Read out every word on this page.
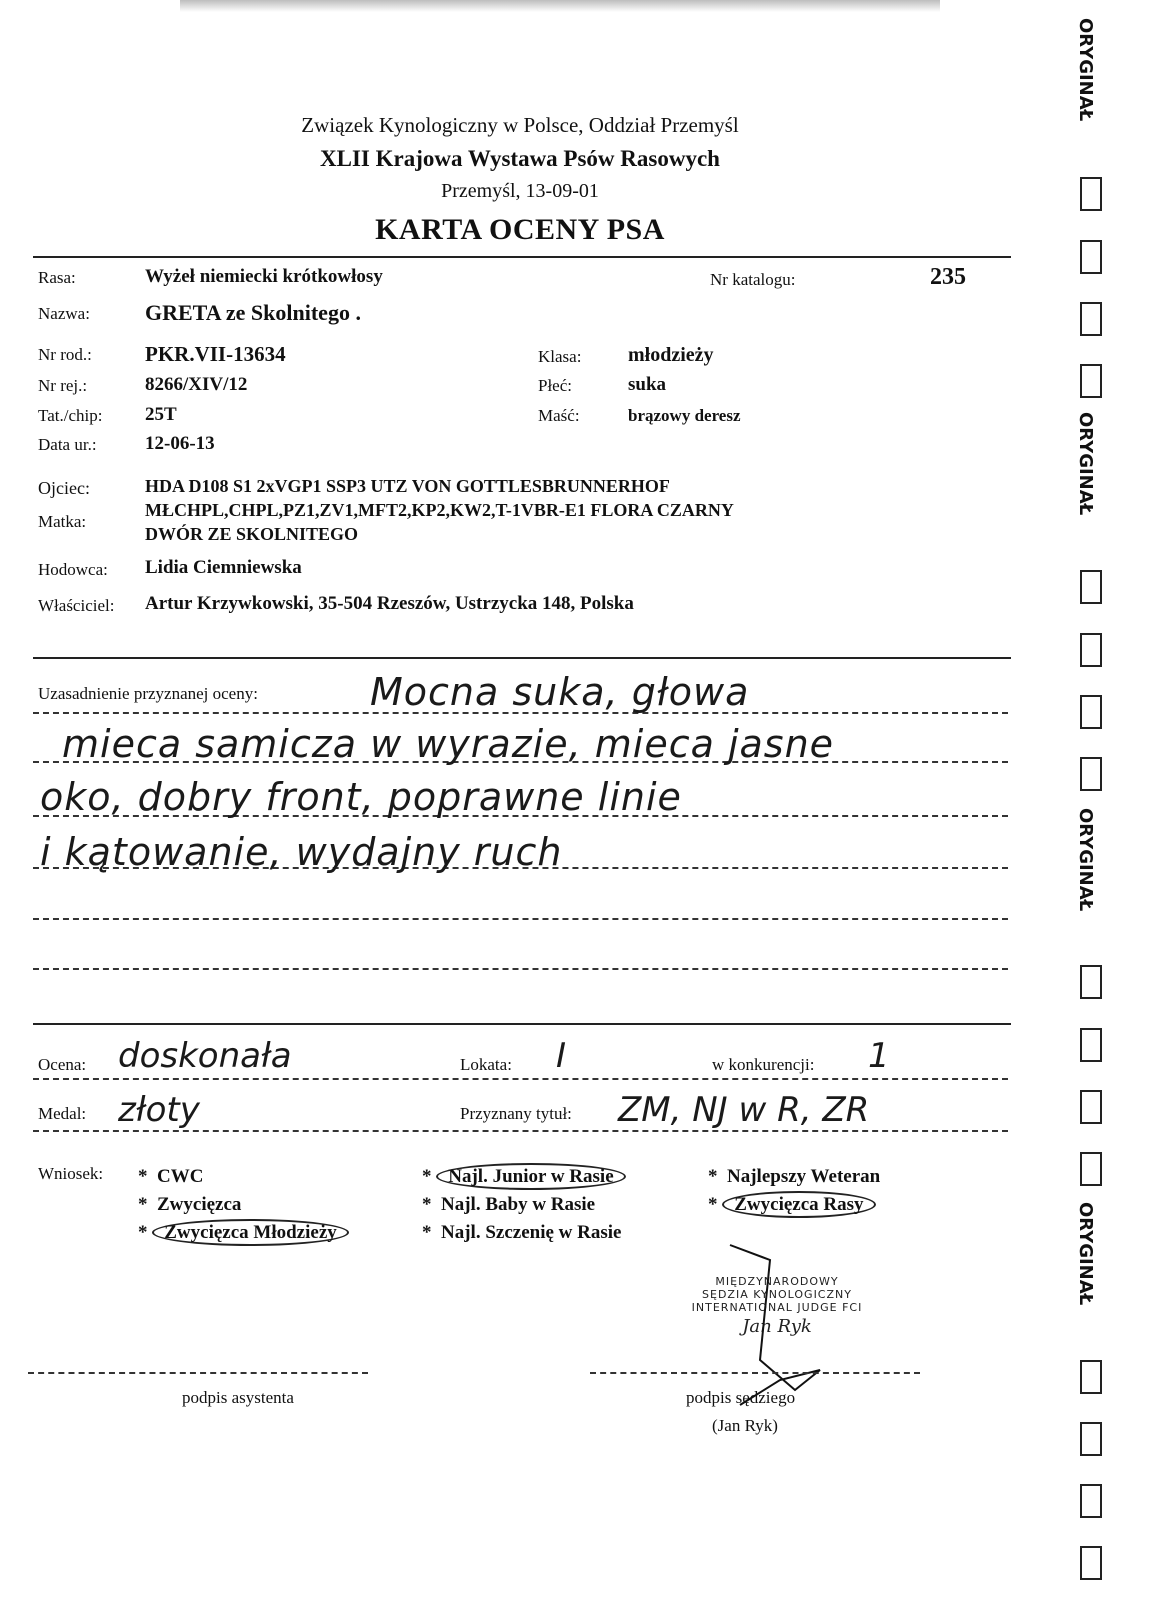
Związek Kynologiczny w Polsce, Oddział Przemyśl
XLII Krajowa Wystawa Psów Rasowych
Przemyśl, 13-09-01
KARTA OCENY PSA
Rasa:	Wyżeł niemiecki krótkowłosy	Nr katalogu:	235
Nazwa:	GRETA ze Skolnitego .
Nr rod.:	PKR.VII-13634	Klasa: młodzieży
Nr rej.:	8266/XIV/12	Płeć:	suka
Tat./chip: 25T	Maść:	brązowy deresz
Data ur.:	12-06-13
Ojciec:	HDA D108 S1 2xVGP1 SSP3 UTZ VON GOTTLESBRUNNERHOF
Matka:
MŁCHPL,CHPL,PZ1,ZV1,MFT2,KP2,KW2,T-1VBR-E1 FLORA CZARNY
DWÓR ZE SKOLNITEGO
Hodowca: Lidia Ciemniewska
Właściciel: Artur Krzywkowski, 35-504 Rzeszów, Ustrzycka 148, Polska
Uzasadnienie przyznanej oceny:	Mocna suka, głowa
mieca samicza w wyrazie, mieca jasne
oko, dobry front, poprawne linie
i kątowanie, wydajny ruch
Ocena: doskonała	Lokata: I	w konkurencji: 1
Medal: złoty	Przyznany tytuł: ZM, NJ w R, ZR
Wniosek: *  CWC
*  Zwycięzca
* Zwycięzca Młodzieży
* Najl. Junior w Rasie
*  Najl. Baby w Rasie
*  Najl. Szczenię w Rasie
*  Najlepszy Weteran
* Zwycięzca Rasy
MIĘDZYNARODOWY
SĘDZIA KYNOLOGICZNY
INTERNATIONAL JUDGE FCI
Jan Ryk
podpis asystenta	podpis sędziego
(Jan Ryk)
ORYGINAŁ
ORYGINAŁ
ORYGINAŁ
ORYGINAŁ
